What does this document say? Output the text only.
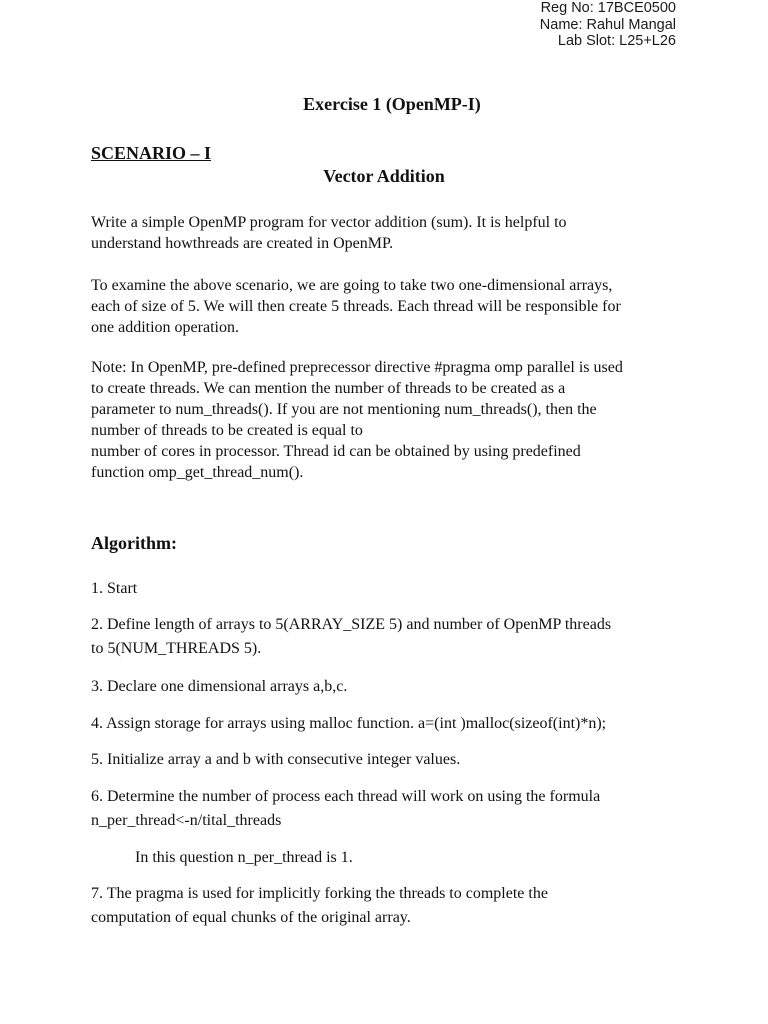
Reg No: 17BCE0500
Name: Rahul Mangal
Lab Slot: L25+L26
Exercise 1 (OpenMP-I)
SCENARIO – I
Vector Addition

Write a simple OpenMP program for vector addition (sum). It is helpful to

understand howthreads are created in OpenMP.

To examine the above scenario, we are going to take two one-dimensional arrays,

each of size of 5. We will then create 5 threads. Each thread will be responsible for

one addition operation.

Note: In OpenMP, pre-defined preprecessor directive #pragma omp parallel is used

to create threads. We can mention the number of threads to be created as a

parameter to num_threads(). If you are not mentioning num_threads(), then the

number of threads to be created is equal to

number of cores in processor. Thread id can be obtained by using predefined

function omp_get_thread_num().

Algorithm:

1. Start

2. Define length of arrays to 5(ARRAY_SIZE 5) and number of OpenMP threads

to 5(NUM_THREADS 5).

3. Declare one dimensional arrays a,b,c.

4. Assign storage for arrays using malloc function. a=(int )malloc(sizeof(int)*n);

5. Initialize array a and b with consecutive integer values.

6. Determine the number of process each thread will work on using the formula

n_per_thread<-n/tital_threads

In this question n_per_thread is 1.

7. The pragma is used for implicitly forking the threads to complete the

computation of equal chunks of the original array.
